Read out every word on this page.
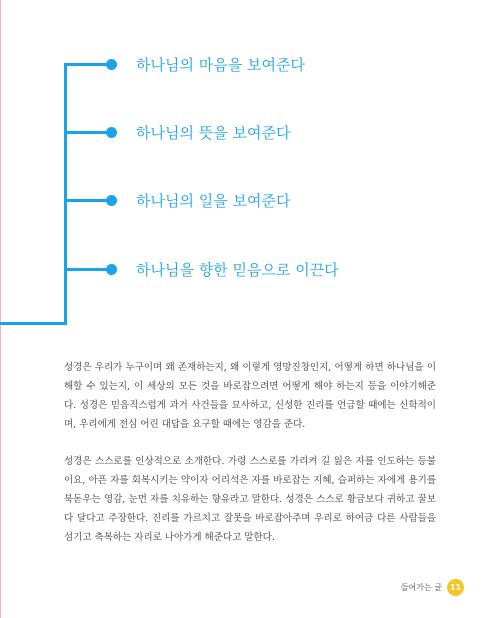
하나님의 마음을 보여준다
하나님의 뜻을 보여준다
하나님의 일을 보여준다
하나님을 향한 믿음으로 이끈다

성경은 우리가 누구이며 왜 존재하는지, 왜 이렇게 영망진창인지, 어떻게 하면 하나님을 이해할 수 있는지, 이 세상의 모든 것을 바로잡으려면 어떻게 해야 하는지 등을 이야기해준다. 성경은 믿음직스럽게 과거 사건들을 묘사하고, 신성한 진리를 언급할 때에는 신학적이며, 우리에게 전심 어린 대답을 요구할 때에는 영감을 준다.

성경은 스스로를 인상적으로 소개한다. 가령 스스로를 가리켜 길 잃은 자를 인도하는 등불이요, 아픈 자를 회복시키는 약이자 어리석은 자를 바로잡는 지혜, 슬퍼하는 자에게 용기를 북돋우는 영감, 눈먼 자를 치유하는 향유라고 말한다. 성경은 스스로 황금보다 귀하고 꿀보다 달다고 주장한다. 진리를 가르치고 잘못을 바로잡아주며 우리로 하여금 다른 사람들을 섬기고 축복하는 자리로 나아가게 해준다고 말한다.

들어가는 글 11
